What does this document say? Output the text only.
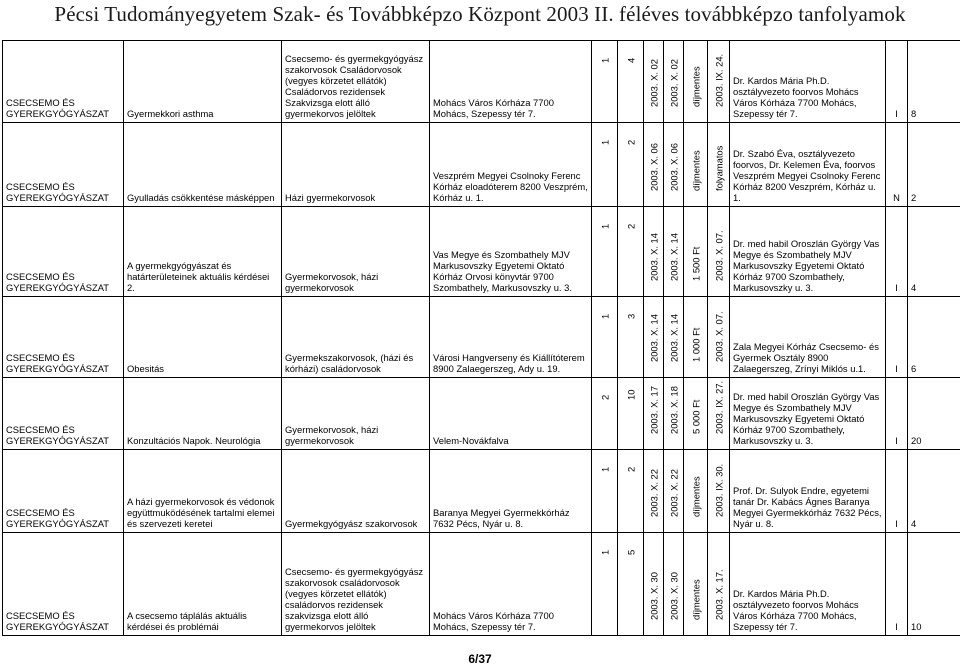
Pécsi Tudományegyetem Szak- és Továbbképzo Központ 2003 II. féléves továbbképzo tanfolyamok
CSECSEMO ÉS GYEREKGYÓGYÁSZAT	Gyermekkori asthma	Csecsemo- és gyermekgyógyász szakorvosok Családorvosok (vegyes körzetet ellátók) Családorvos rezidensek Szakvizsga elott álló gyermekorvos jelöltek	Mohács Város Kórháza 7700 Mohács, Szepessy tér 7.	1	4	2003. X. 02	2003. X. 02	díjmentes	2003. IX. 24.	Dr. Kardos Mária Ph.D. osztályvezeto foorvos Mohács Város Kórháza 7700 Mohács, Szepessy tér 7.	I	8
CSECSEMO ÉS GYEREKGYÓGYÁSZAT	Gyulladás csökkentése másképpen	Házi gyermekorvosok	Veszprém Megyei Csolnoky Ferenc Kórház eloadóterem 8200 Veszprém, Kórház u. 1.	1	2	2003. X. 06	2003. X. 06	díjmentes	folyamatos	Dr. Szabó Éva, osztályvezeto foorvos, Dr. Kelemen Éva, foorvos Veszprém Megyei Csolnoky Ferenc Kórház 8200 Veszprém, Kórház u. 1.	N	2
CSECSEMO ÉS GYEREKGYÓGYÁSZAT	A gyermekgyógyászat és határterületeinek aktuális kérdései 2.	Gyermekorvosok, házi gyermekorvosok	Vas Megye és Szombathely MJV Markusovszky Egyetemi Oktató Kórház Orvosi könyvtár 9700 Szombathely, Markusovszky u. 3.	1	2	2003. X. 14	2003. X. 14	1 500 Ft	2003. X. 07.	Dr. med habil Oroszlán György Vas Megye és Szombathely MJV Markusovszky Egyetemi Oktató Kórház 9700 Szombathely, Markusovszky u. 3.	I	4
CSECSEMO ÉS GYEREKGYÓGYÁSZAT	Obesitás	Gyermekszakorvosok, (házi és kórházi) családorvosok	Városi Hangverseny és Kiállítóterem 8900 Zalaegerszeg, Ady u. 19.	1	3	2003. X. 14	2003. X. 14	1 000 Ft	2003. X. 07.	Zala Megyei Kórház Csecsemo- és Gyermek Osztály 8900 Zalaegerszeg, Zrínyi Miklós u.1.	I	6
CSECSEMO ÉS GYEREKGYÓGYÁSZAT	Konzultációs Napok. Neurológia	Gyermekorvosok, házi gyermekorvosok	Velem-Novákfalva	2	10	2003. X. 17	2003. X. 18	5 000 Ft	2003. IX. 27.	Dr. med habil Oroszlán György Vas Megye és Szombathely MJV Markusovszky Egyetemi Oktató Kórház 9700 Szombathely, Markusovszky u. 3.	I	20
CSECSEMO ÉS GYEREKGYÓGYÁSZAT	A házi gyermekorvosok és védonok együttmuködésének tartalmi elemei és szervezeti keretei	Gyermekgyógyász szakorvosok	Baranya Megyei Gyermekkórház 7632 Pécs, Nyár u. 8.	1	2	2003. X. 22	2003. X. 22	díjmentes	2003. IX. 30.	Prof. Dr. Sulyok Endre, egyetemi tanár Dr. Kabács Ágnes Baranya Megyei Gyermekkórház 7632 Pécs, Nyár u. 8.	I	4
CSECSEMO ÉS GYEREKGYÓGYÁSZAT	A csecsemo táplálás aktuális kérdései és problémái	Csecsemo- és gyermekgyógyász szakorvosok családorvosok (vegyes körzetet ellátók) családorvos rezidensek szakvizsga elott álló gyermekorvos jelöltek	Mohács Város Kórháza 7700 Mohács, Szepessy tér 7.	1	5	2003. X. 30	2003. X. 30	díjmentes	2003. X. 17.	Dr. Kardos Mária Ph.D. osztályvezeto foorvos Mohács Város Kórháza 7700 Mohács, Szepessy tér 7.	I	10
6/37
